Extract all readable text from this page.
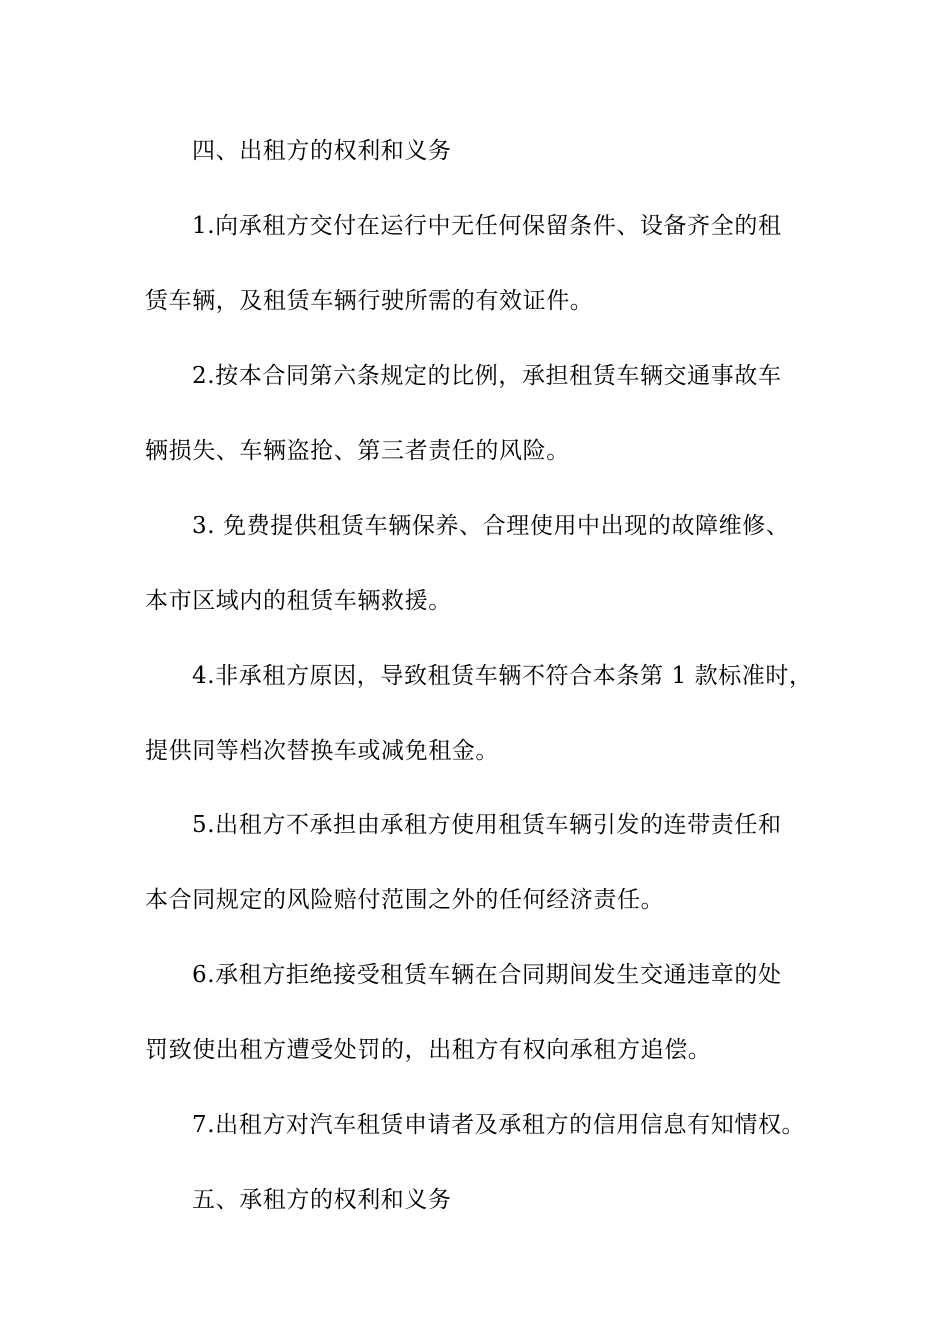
四、出租方的权利和义务
1.向承租方交付在运行中无任何保留条件、设备齐全的租
赁车辆，及租赁车辆行驶所需的有效证件。
2.按本合同第六条规定的比例，承担租赁车辆交通事故车
辆损失、车辆盗抢、第三者责任的风险。
3. 免费提供租赁车辆保养、合理使用中出现的故障维修、
本市区域内的租赁车辆救援。
4.非承租方原因，导致租赁车辆不符合本条第 1 款标准时，
提供同等档次替换车或减免租金。
5.出租方不承担由承租方使用租赁车辆引发的连带责任和
本合同规定的风险赔付范围之外的任何经济责任。
6.承租方拒绝接受租赁车辆在合同期间发生交通违章的处
罚致使出租方遭受处罚的，出租方有权向承租方追偿。
7.出租方对汽车租赁申请者及承租方的信用信息有知情权。
五、承租方的权利和义务
